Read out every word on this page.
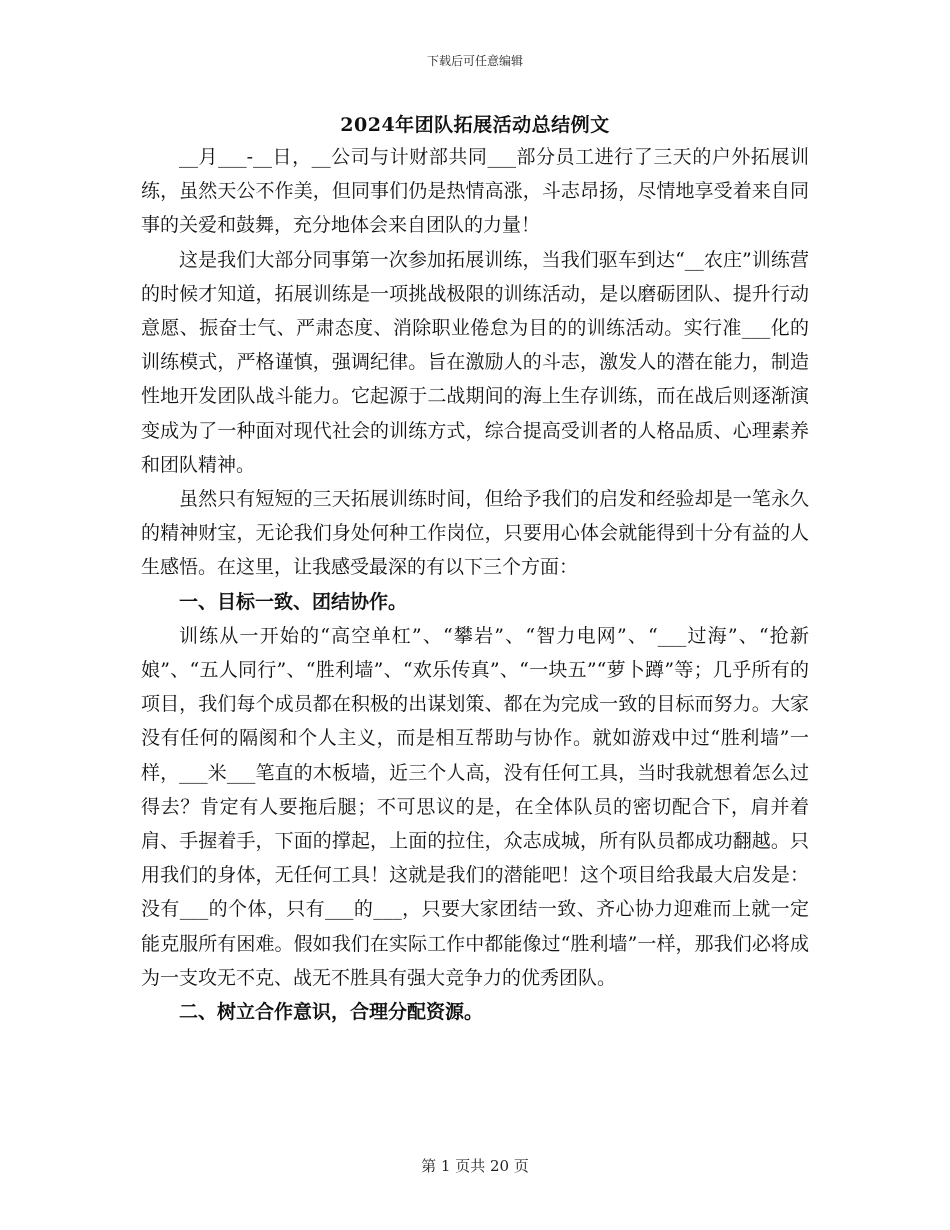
下载后可任意编辑
2024年团队拓展活动总结例文

__月___-__日，__公司与计财部共同___部分员工进行了三天的户外拓展训练，虽然天公不作美，但同事们仍是热情高涨，斗志昂扬，尽情地享受着来自同事的关爱和鼓舞，充分地体会来自团队的力量！

这是我们大部分同事第一次参加拓展训练，当我们驱车到达“__农庄”训练营的时候才知道，拓展训练是一项挑战极限的训练活动，是以磨砺团队、提升行动意愿、振奋士气、严肃态度、消除职业倦怠为目的的训练活动。实行准___化的训练模式，严格谨慎，强调纪律。旨在激励人的斗志，激发人的潜在能力，制造性地开发团队战斗能力。它起源于二战期间的海上生存训练，而在战后则逐渐演变成为了一种面对现代社会的训练方式，综合提高受训者的人格品质、心理素养和团队精神。

虽然只有短短的三天拓展训练时间，但给予我们的启发和经验却是一笔永久的精神财宝，无论我们身处何种工作岗位，只要用心体会就能得到十分有益的人生感悟。在这里，让我感受最深的有以下三个方面：

一、目标一致、团结协作。

训练从一开始的“高空单杠”、“攀岩”、“智力电网”、“___过海”、“抢新娘”、“五人同行”、“胜利墙”、“欢乐传真”、“一块五”“萝卜蹲”等；几乎所有的项目，我们每个成员都在积极的出谋划策、都在为完成一致的目标而努力。大家没有任何的隔阂和个人主义，而是相互帮助与协作。就如游戏中过“胜利墙”一样，___米___笔直的木板墙，近三个人高，没有任何工具，当时我就想着怎么过得去？肯定有人要拖后腿；不可思议的是，在全体队员的密切配合下，肩并着肩、手握着手，下面的撑起，上面的拉住，众志成城，所有队员都成功翻越。只用我们的身体，无任何工具！这就是我们的潜能吧！这个项目给我最大启发是：没有___的个体，只有___的___，只要大家团结一致、齐心协力迎难而上就一定能克服所有困难。假如我们在实际工作中都能像过“胜利墙”一样，那我们必将成为一支攻无不克、战无不胜具有强大竞争力的优秀团队。

二、树立合作意识，合理分配资源。

第 1 页共 20 页
